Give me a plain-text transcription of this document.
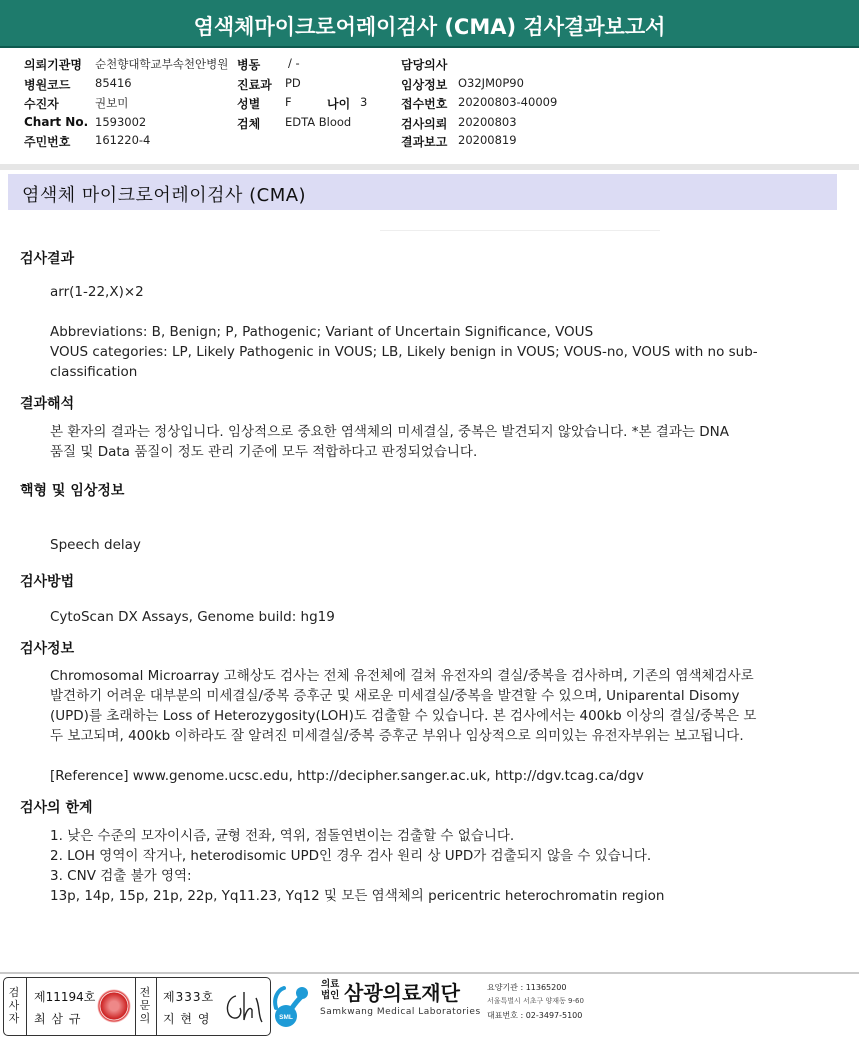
염색체마이크로어레이검사 (CMA) 검사결과보고서
의뢰기관명 순천향대학교부속천안병원 병동 / -	담당의사
병원코드 85416	진료과 PD	임상정보 O32JM0P90
수진자	권보미	성별 F	나이 3	접수번호 20200803-40009
Chart No. 1593002	검체 EDTA Blood	검사의뢰 20200803
주민번호 161220-4	결과보고 20200819
염색체 마이크로어레이검사 (CMA)
검사결과
arr(1-22,X)×2
Abbreviations: B, Benign; P, Pathogenic; Variant of Uncertain Significance, VOUS
VOUS categories: LP, Likely Pathogenic in VOUS; LB, Likely benign in VOUS; VOUS-no, VOUS with no sub-
classification
결과해석
본 환자의 결과는 정상입니다. 임상적으로 중요한 염색체의 미세결실, 중복은 발견되지 않았습니다. *본 결과는 DNA
품질 및 Data 품질이 정도 관리 기준에 모두 적합하다고 판정되었습니다.
핵형 및 임상정보
Speech delay
검사방법
CytoScan DX Assays, Genome build: hg19
검사정보
Chromosomal Microarray 고해상도 검사는 전체 유전체에 걸쳐 유전자의 결실/중복을 검사하며, 기존의 염색체검사로
발견하기 어려운 대부분의 미세결실/중복 증후군 및 새로운 미세결실/중복을 발견할 수 있으며, Uniparental Disomy
(UPD)를 초래하는 Loss of Heterozygosity(LOH)도 검출할 수 있습니다. 본 검사에서는 400kb 이상의 결실/중복은 모
두 보고되며, 400kb 이하라도 잘 알려진 미세결실/중복 증후군 부위나 임상적으로 의미있는 유전자부위는 보고됩니다.
[Reference] www.genome.ucsc.edu, http://decipher.sanger.ac.uk, http://dgv.tcag.ca/dgv
검사의 한계
1. 낮은 수준의 모자이시즘, 균형 전좌, 역위, 점돌연변이는 검출할 수 없습니다.
2. LOH 영역이 작거나, heterodisomic UPD인 경우 검사 원리 상 UPD가 검출되지 않을 수 있습니다.
3. CNV 검출 불가 영역:
13p, 14p, 15p, 21p, 22p, Yq11.23, Yq12 및 모든 염색체의 pericentric heterochromatin region
검
사
자
제11194호
최 삼 규
전
문
의
제333호
지 현 영	SML
의료
법인 삼광의료재단
Samkwang Medical Laboratories
요양기관 : 11365200
서울특별시 서초구 양재동 9-60
대표번호 : 02-3497-5100
